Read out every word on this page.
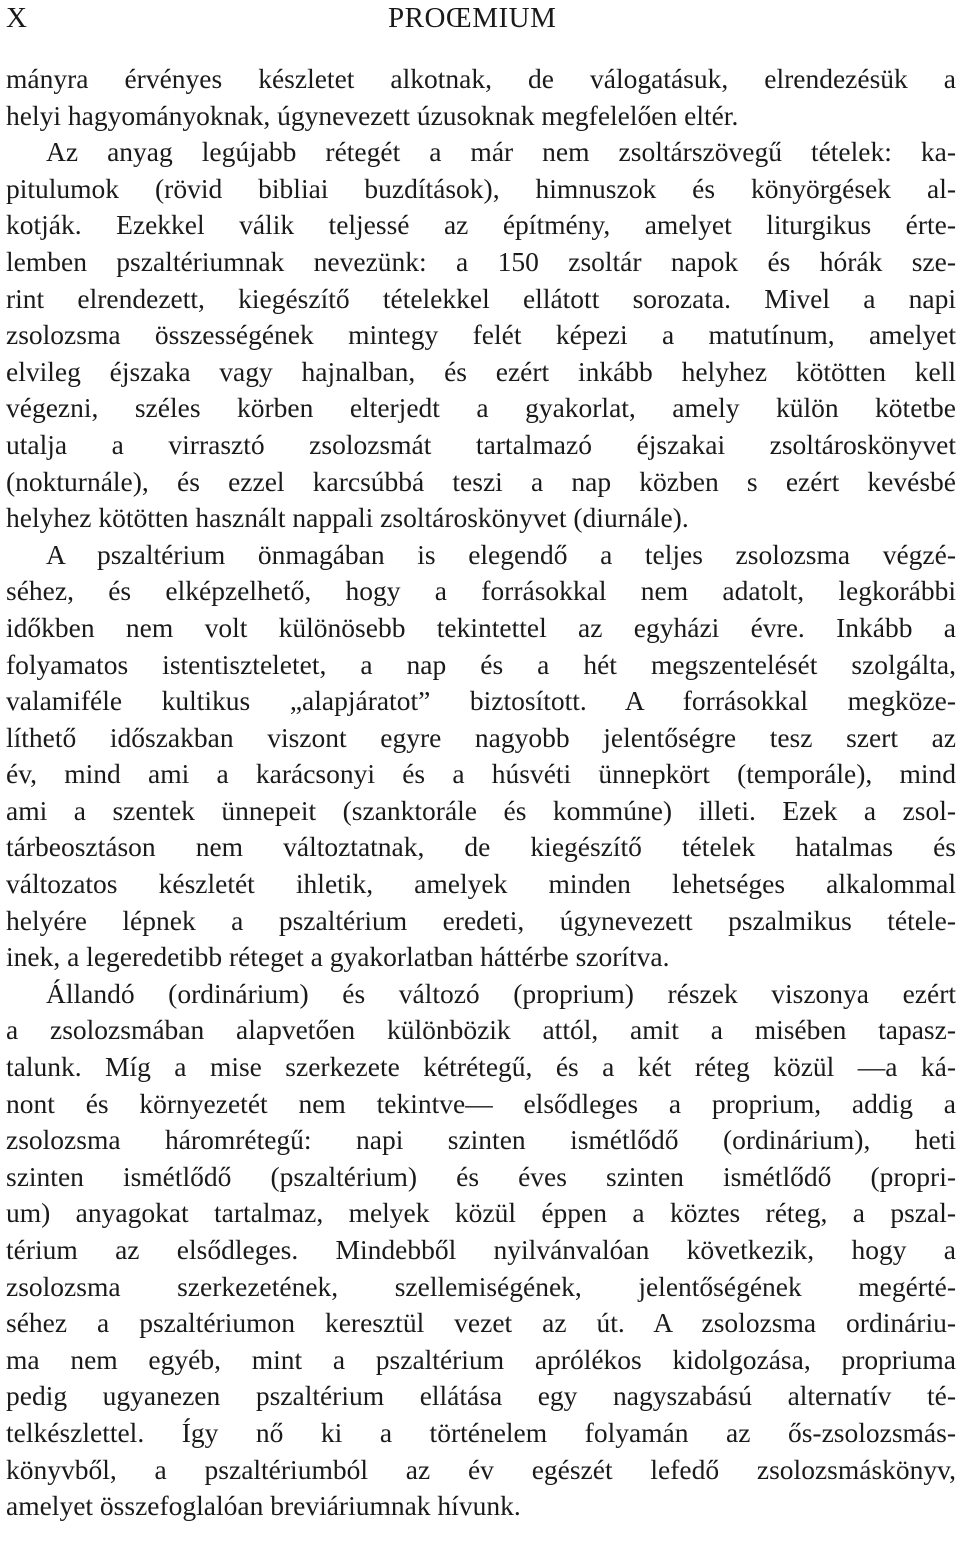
X	PROŒMIUM
mányra érvényes készletet alkotnak, de válogatásuk, elrendezésük a
helyi hagyományoknak, úgynevezett úzusoknak megfelelően eltér.
Az anyag legújabb rétegét a már nem zsoltárszövegű tételek: ka-
pitulumok (rövid bibliai buzdítások), himnuszok és könyörgések al-
kotják. Ezekkel válik teljessé az építmény, amelyet liturgikus érte-
lemben pszaltériumnak nevezünk: a 150 zsoltár napok és hórák sze-
rint elrendezett, kiegészítő tételekkel ellátott sorozata. Mivel a napi
zsolozsma összességének mintegy felét képezi a matutínum, amelyet
elvileg éjszaka vagy hajnalban, és ezért inkább helyhez kötötten kell
végezni, széles körben elterjedt a gyakorlat, amely külön kötetbe
utalja a virrasztó zsolozsmát tartalmazó éjszakai zsoltároskönyvet
(nokturnále), és ezzel karcsúbbá teszi a nap közben s ezért kevésbé
helyhez kötötten használt nappali zsoltároskönyvet (diurnále).
A pszaltérium önmagában is elegendő a teljes zsolozsma végzé-
séhez, és elképzelhető, hogy a forrásokkal nem adatolt, legkorábbi
időkben nem volt különösebb tekintettel az egyházi évre. Inkább a
folyamatos istentiszteletet, a nap és a hét megszentelését szolgálta,
valamiféle kultikus „alapjáratot” biztosított. A forrásokkal megköze-
líthető időszakban viszont egyre nagyobb jelentőségre tesz szert az
év, mind ami a karácsonyi és a húsvéti ünnepkört (temporále), mind
ami a szentek ünnepeit (szanktorále és kommúne) illeti. Ezek a zsol-
tárbeosztáson nem változtatnak, de kiegészítő tételek hatalmas és
változatos készletét ihletik, amelyek minden lehetséges alkalommal
helyére lépnek a pszaltérium eredeti, úgynevezett pszalmikus tétele-
inek, a legeredetibb réteget a gyakorlatban háttérbe szorítva.
Állandó (ordinárium) és változó (proprium) részek viszonya ezért
a zsolozsmában alapvetően különbözik attól, amit a misében tapasz-
talunk. Míg a mise szerkezete kétrétegű, és a két réteg közül —a ká-
nont és környezetét nem tekintve— elsődleges a proprium, addig a
zsolozsma háromrétegű: napi szinten ismétlődő (ordinárium), heti
szinten ismétlődő (pszaltérium) és éves szinten ismétlődő (propri-
um) anyagokat tartalmaz, melyek közül éppen a köztes réteg, a pszal-
térium az elsődleges. Mindebből nyilvánvalóan következik, hogy a
zsolozsma szerkezetének, szellemiségének, jelentőségének megérté-
séhez a pszaltériumon keresztül vezet az út. A zsolozsma ordináriu-
ma nem egyéb, mint a pszaltérium aprólékos kidolgozása, propriuma
pedig ugyanezen pszaltérium ellátása egy nagyszabású alternatív té-
telkészlettel. Így nő ki a történelem folyamán az ős-zsolozsmás-
könyvből, a pszaltériumból az év egészét lefedő zsolozsmáskönyv,
amelyet összefoglalóan breviáriumnak hívunk.
